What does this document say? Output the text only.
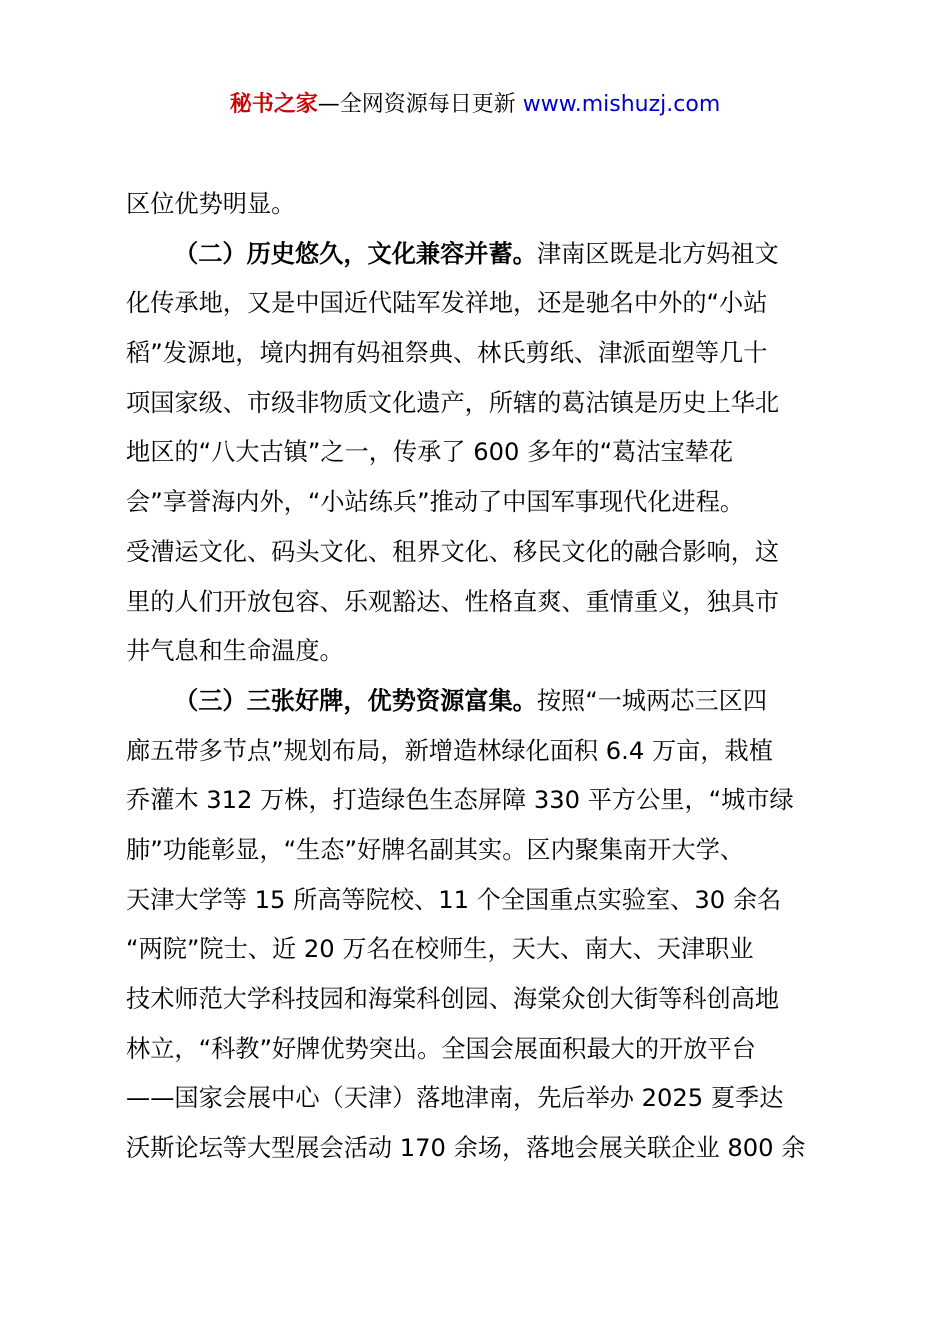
秘书之家—全网资源每日更新 www.mishuzj.com
区位优势明显。
（二）历史悠久，文化兼容并蓄。津南区既是北方妈祖文
化传承地，又是中国近代陆军发祥地，还是驰名中外的“小站
稻”发源地，境内拥有妈祖祭典、林氏剪纸、津派面塑等几十
项国家级、市级非物质文化遗产，所辖的葛沽镇是历史上华北
地区的“八大古镇”之一，传承了 600 多年的“葛沽宝辇花
会”享誉海内外，“小站练兵”推动了中国军事现代化进程。
受漕运文化、码头文化、租界文化、移民文化的融合影响，这
里的人们开放包容、乐观豁达、性格直爽、重情重义，独具市
井气息和生命温度。
（三）三张好牌，优势资源富集。按照“一城两芯三区四
廊五带多节点”规划布局，新增造林绿化面积 6.4 万亩，栽植
乔灌木 312 万株，打造绿色生态屏障 330 平方公里，“城市绿
肺”功能彰显，“生态”好牌名副其实。区内聚集南开大学、
天津大学等 15 所高等院校、11 个全国重点实验室、30 余名
“两院”院士、近 20 万名在校师生，天大、南大、天津职业
技术师范大学科技园和海棠科创园、海棠众创大街等科创高地
林立，“科教”好牌优势突出。全国会展面积最大的开放平台
——国家会展中心（天津）落地津南，先后举办 2025 夏季达
沃斯论坛等大型展会活动 170 余场，落地会展关联企业 800 余
